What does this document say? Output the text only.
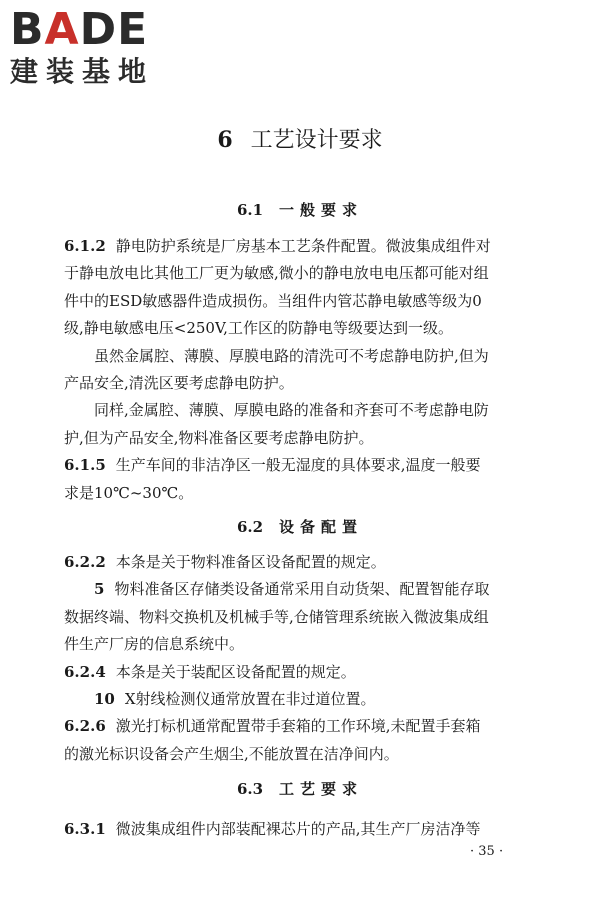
BADE
建装基地
6 工艺设计要求
6.1 一般要求
6.1.2 静电防护系统是厂房基本工艺条件配置。微波集成组件对
于静电放电比其他工厂更为敏感,微小的静电放电电压都可能对组
件中的ESD敏感器件造成损伤。当组件内管芯静电敏感等级为0
级,静电敏感电压<250V,工作区的防静电等级要达到一级。
虽然金属腔、薄膜、厚膜电路的清洗可不考虑静电防护,但为
产品安全,清洗区要考虑静电防护。
同样,金属腔、薄膜、厚膜电路的准备和齐套可不考虑静电防
护,但为产品安全,物料准备区要考虑静电防护。
6.1.5 生产车间的非洁净区一般无湿度的具体要求,温度一般要
求是10℃~30℃。
6.2 设备配置
6.2.2 本条是关于物料准备区设备配置的规定。
5 物料准备区存储类设备通常采用自动货架、配置智能存取
数据终端、物料交换机及机械手等,仓储管理系统嵌入微波集成组
件生产厂房的信息系统中。
6.2.4 本条是关于装配区设备配置的规定。
10 X射线检测仪通常放置在非过道位置。
6.2.6 激光打标机通常配置带手套箱的工作环境,未配置手套箱
的激光标识设备会产生烟尘,不能放置在洁净间内。
6.3 工艺要求
6.3.1 微波集成组件内部装配裸芯片的产品,其生产厂房洁净等
· 35 ·
